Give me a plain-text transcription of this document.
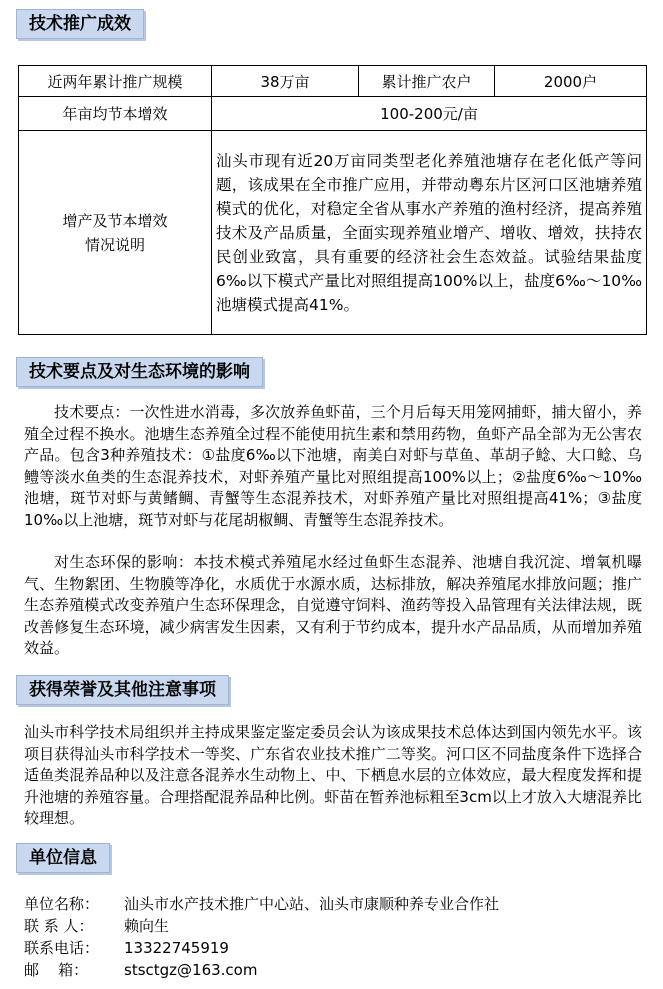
技术推广成效
近两年累计推广规模	38万亩	累计推广农户	2000户
年亩均节本增效	100-200元/亩		

增产及节本增效
情况说明	汕头市现有近20万亩同类型老化养殖池塘存在老化低产等问题，该成果在全市推广应用，并带动粤东片区河口区池塘养殖模式的优化，对稳定全省从事水产养殖的渔村经济，提高养殖技术及产品质量，全面实现养殖业增产、增收、增效，扶持农民创业致富，具有重要的经济社会生态效益。试验结果盐度6‰以下模式产量比对照组提高100%以上，盐度6‰～10‰池塘模式提高41%。		
技术要点及对生态环境的影响

技术要点：一次性进水消毒，多次放养鱼虾苗，三个月后每天用笼网捕虾，捕大留小，养殖全过程不换水。池塘生态养殖全过程不能使用抗生素和禁用药物，鱼虾产品全部为无公害农产品。包含3种养殖技术：①盐度6‰以下池塘，南美白对虾与草鱼、革胡子鲶、大口鲶、乌鳢等淡水鱼类的生态混养技术，对虾养殖产量比对照组提高100%以上；②盐度6‰～10‰池塘，斑节对虾与黄鳍鲷、青蟹等生态混养技术，对虾养殖产量比对照组提高41%；③盐度10‰以上池塘，斑节对虾与花尾胡椒鲷、青蟹等生态混养技术。

对生态环保的影响：本技术模式养殖尾水经过鱼虾生态混养、池塘自我沉淀、增氧机曝气、生物絮团、生物膜等净化，水质优于水源水质，达标排放，解决养殖尾水排放问题；推广生态养殖模式改变养殖户生态环保理念，自觉遵守饲料、渔药等投入品管理有关法律法规，既改善修复生态环境，减少病害发生因素，又有利于节约成本，提升水产品品质，从而增加养殖效益。

获得荣誉及其他注意事项

汕头市科学技术局组织并主持成果鉴定鉴定委员会认为该成果技术总体达到国内领先水平。该项目获得汕头市科学技术一等奖、广东省农业技术推广二等奖。河口区不同盐度条件下选择合适鱼类混养品种以及注意各混养水生动物上、中、下栖息水层的立体效应，最大程度发挥和提升池塘的养殖容量。合理搭配混养品种比例。虾苗在暂养池标粗至3cm以上才放入大塘混养比较理想。

单位信息
单位名称： 汕头市水产技术推广中心站、汕头市康顺种养专业合作社
联 系 人： 赖向生
联系电话： 13322745919
邮    箱： stsctgz@163.com
